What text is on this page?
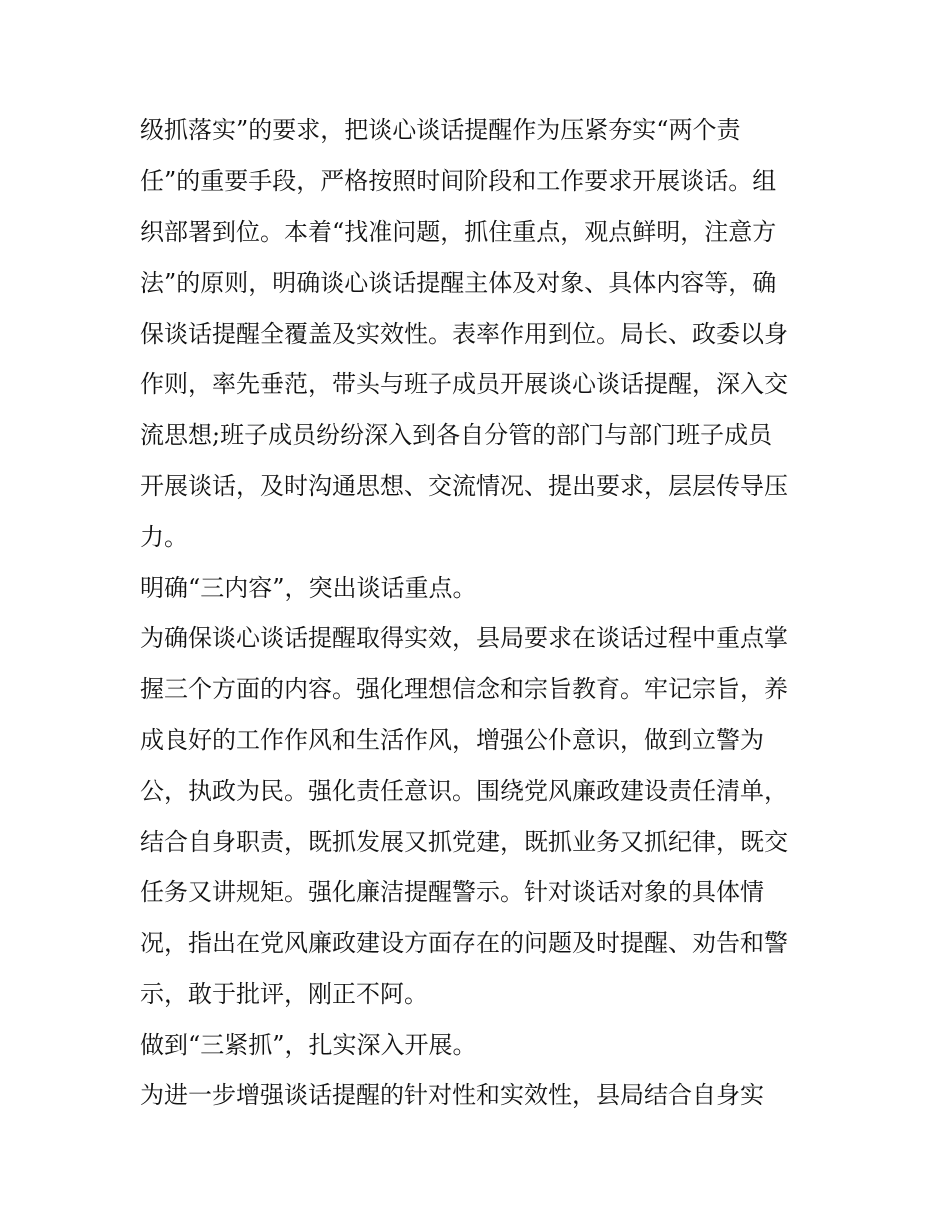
级抓落实”的要求，把谈心谈话提醒作为压紧夯实“两个责
任”的重要手段，严格按照时间阶段和工作要求开展谈话。组
织部署到位。本着“找准问题，抓住重点，观点鲜明，注意方
法”的原则，明确谈心谈话提醒主体及对象、具体内容等，确
保谈话提醒全覆盖及实效性。表率作用到位。局长、政委以身
作则，率先垂范，带头与班子成员开展谈心谈话提醒，深入交
流思想;班子成员纷纷深入到各自分管的部门与部门班子成员
开展谈话，及时沟通思想、交流情况、提出要求，层层传导压
力。
明确“三内容”，突出谈话重点。
为确保谈心谈话提醒取得实效，县局要求在谈话过程中重点掌
握三个方面的内容。强化理想信念和宗旨教育。牢记宗旨，养
成良好的工作作风和生活作风，增强公仆意识，做到立警为
公，执政为民。强化责任意识。围绕党风廉政建设责任清单，
结合自身职责，既抓发展又抓党建，既抓业务又抓纪律，既交
任务又讲规矩。强化廉洁提醒警示。针对谈话对象的具体情
况，指出在党风廉政建设方面存在的问题及时提醒、劝告和警
示，敢于批评，刚正不阿。
做到“三紧抓”，扎实深入开展。
为进一步增强谈话提醒的针对性和实效性，县局结合自身实
